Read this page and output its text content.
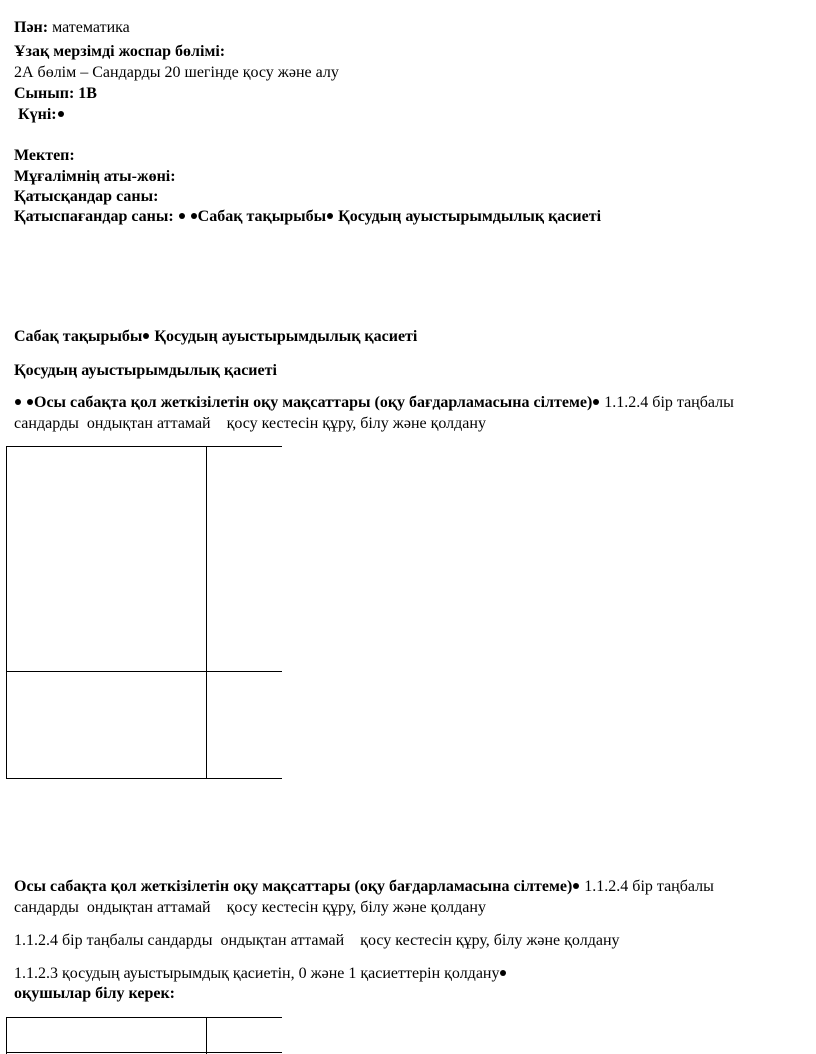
Пән: математика
Ұзақ мерзімді жоспар бөлімі:
2А бөлім – Сандарды 20 шегінде қосу және алу
Сынып: 1В
Күні:
Мектеп:
Мұғалімнің аты-жөні:
Қатысқандар саны:
Қатыспағандар саны: Сабақ тақырыбы Қосудың ауыстырымдылық қасиеті
Сабақ тақырыбы Қосудың ауыстырымдылық қасиеті
Қосудың ауыстырымдылық қасиеті
Осы сабақта қол жеткізілетін оқу мақсаттары (оқу бағдарламасына сілтеме) 1.1.2.4 бір таңбалы
сандарды  ондықтан аттамай    қосу кестесін құру, білу және қолдану
Осы сабақта қол жеткізілетін оқу мақсаттары (оқу бағдарламасына сілтеме) 1.1.2.4 бір таңбалы
сандарды  ондықтан аттамай    қосу кестесін құру, білу және қолдану
1.1.2.4 бір таңбалы сандарды  ондықтан аттамай    қосу кестесін құру, білу және қолдану
1.1.2.3 қосудың ауыстырымдық қасиетін, 0 және 1 қасиеттерін қолдану
оқушылар білу керек:
